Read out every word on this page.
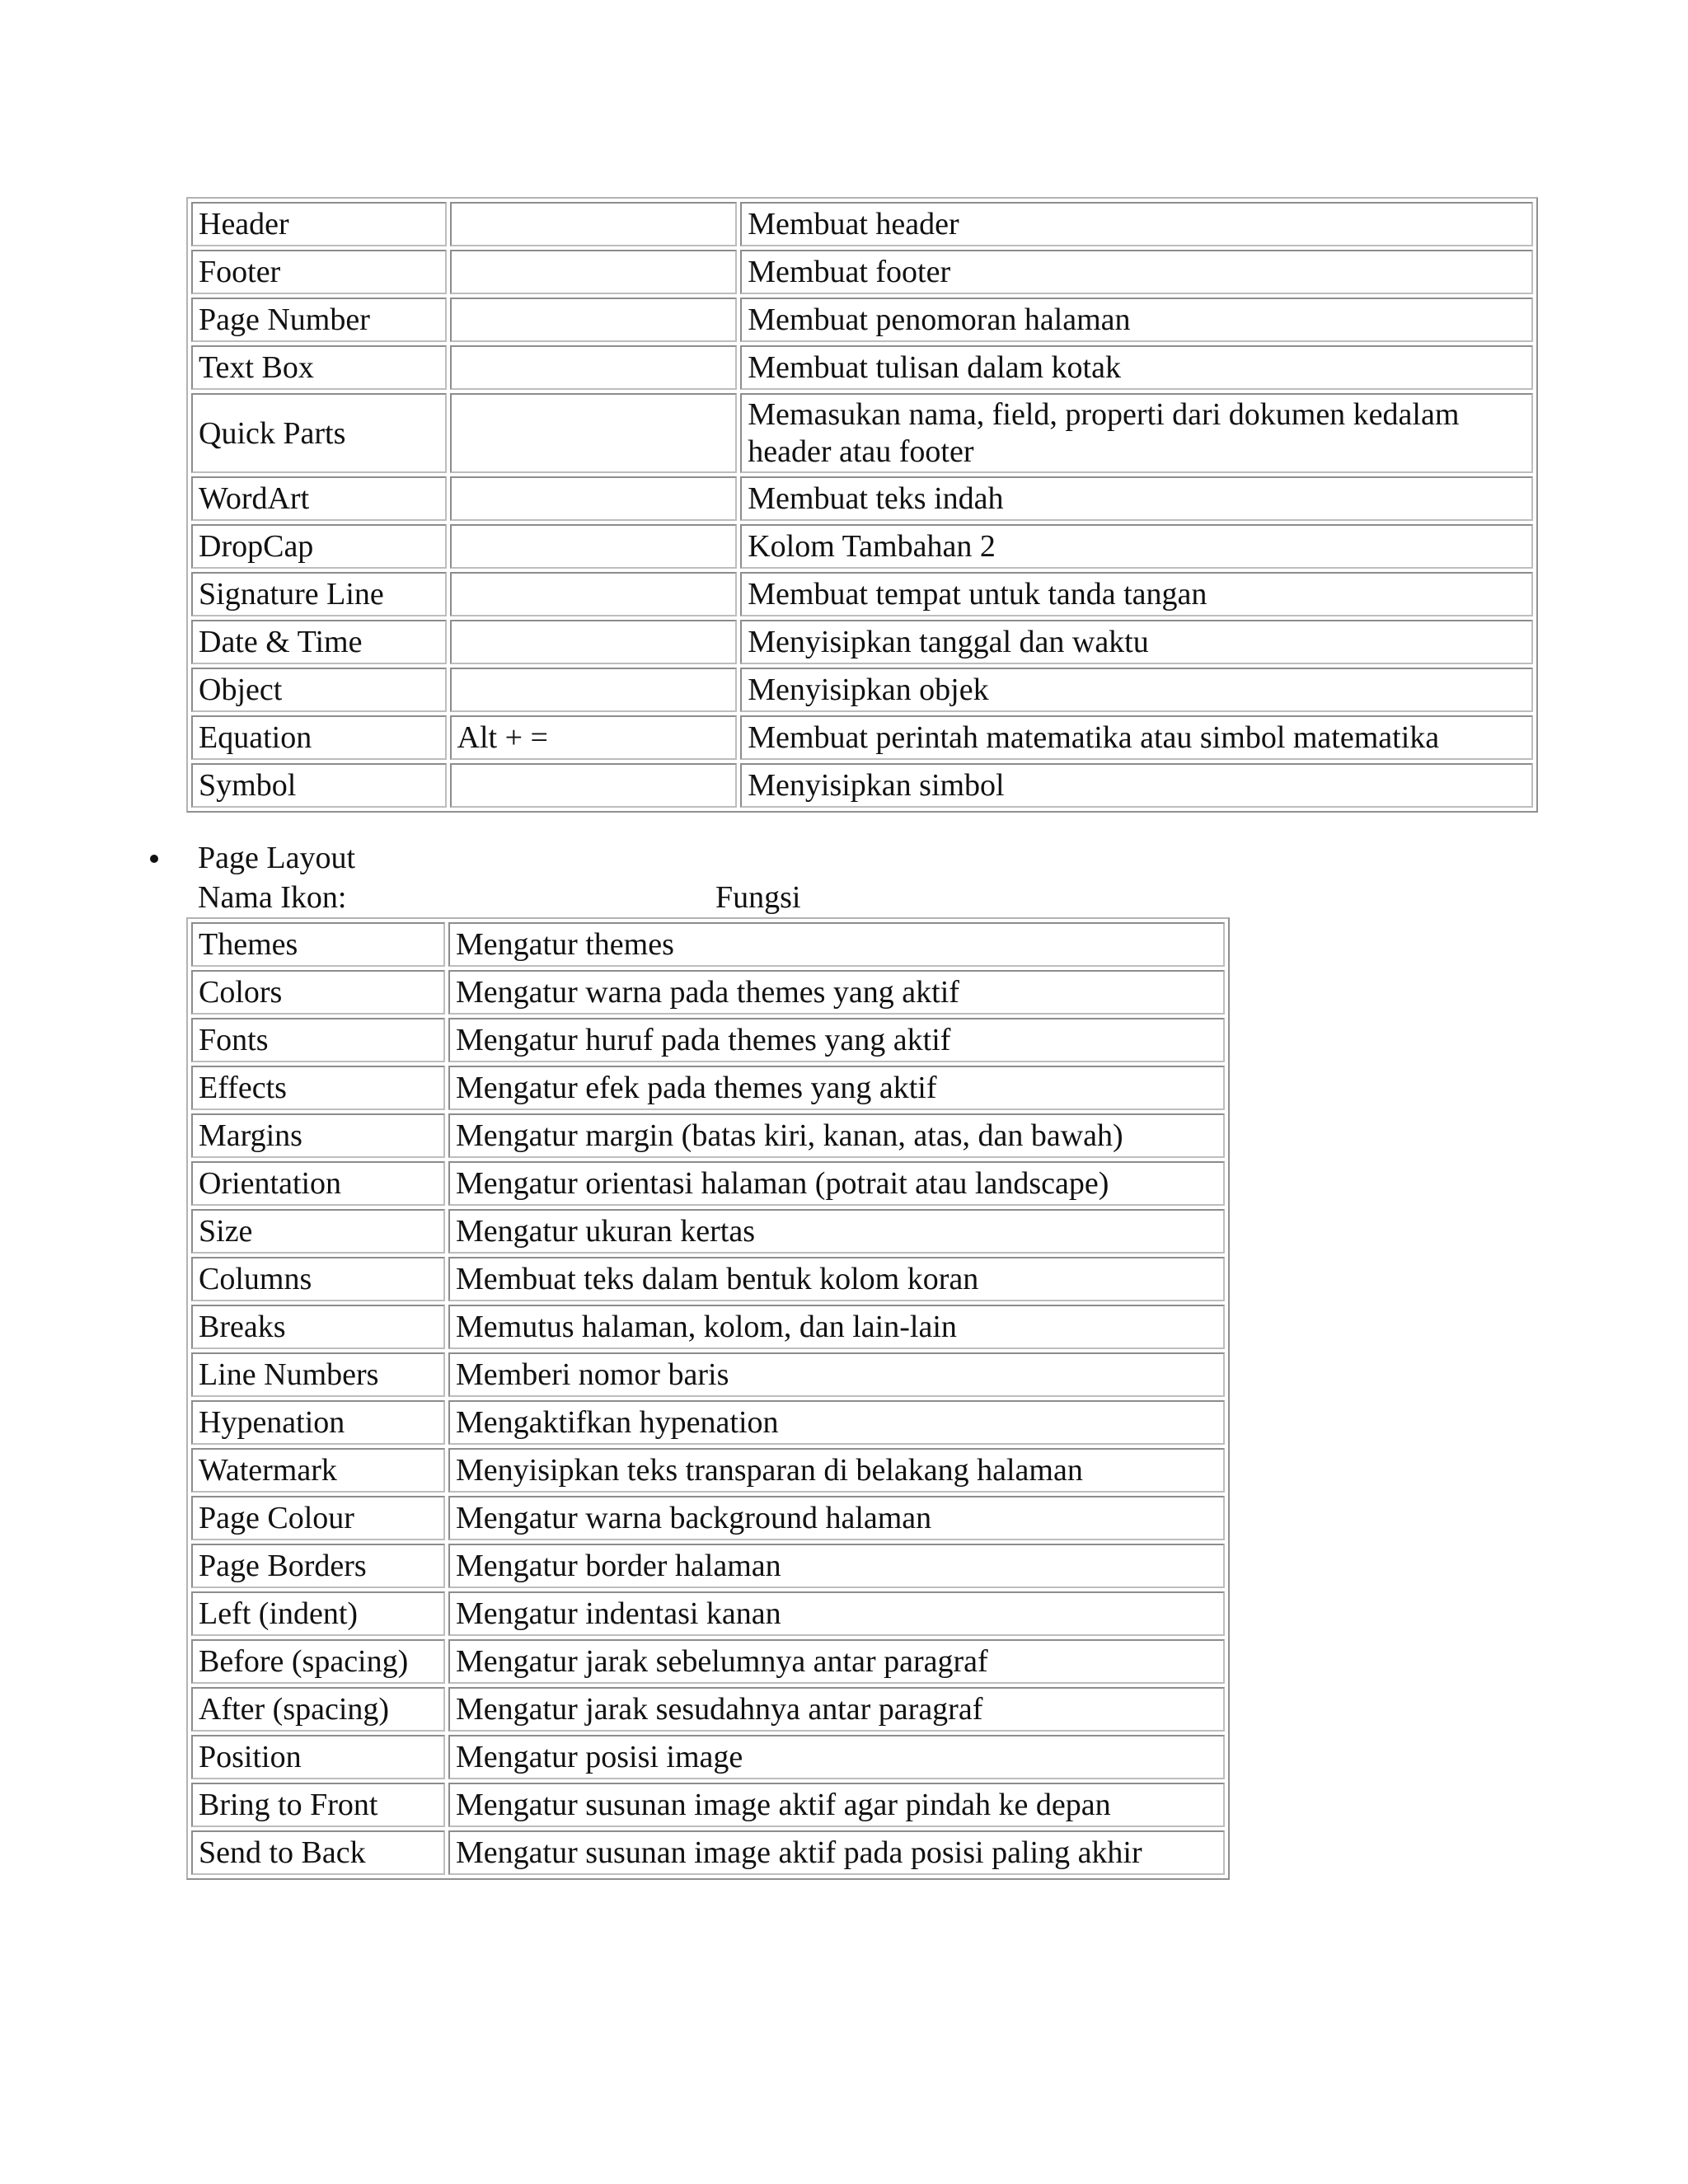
Header		Membuat header
Footer		Membuat footer
Page Number		Membuat penomoran halaman
Text Box		Membuat tulisan dalam kotak
Quick Parts		Memasukan nama, field, properti dari dokumen kedalam header atau footer
WordArt		Membuat teks indah
DropCap		Kolom Tambahan 2
Signature Line		Membuat tempat untuk tanda tangan
Date & Time		Menyisipkan tanggal dan waktu
Object		Menyisipkan objek
Equation	Alt + =	Membuat perintah matematika atau simbol matematika
Symbol		Menyisipkan simbol
Page Layout
Nama Ikon:	Fungsi
Themes	Mengatur themes
Colors	Mengatur warna pada themes yang aktif
Fonts	Mengatur huruf pada themes yang aktif
Effects	Mengatur efek pada themes yang aktif
Margins	Mengatur margin (batas kiri, kanan, atas, dan bawah)
Orientation	Mengatur orientasi halaman (potrait atau landscape)
Size	Mengatur ukuran kertas
Columns	Membuat teks dalam bentuk kolom koran
Breaks	Memutus halaman, kolom, dan lain-lain
Line Numbers	Memberi nomor baris
Hypenation	Mengaktifkan hypenation
Watermark	Menyisipkan teks transparan di belakang halaman
Page Colour	Mengatur warna background halaman
Page Borders	Mengatur border halaman
Left (indent)	Mengatur indentasi kanan
Before (spacing)	Mengatur jarak sebelumnya antar paragraf
After (spacing)	Mengatur jarak sesudahnya antar paragraf
Position	Mengatur posisi image
Bring to Front	Mengatur susunan image aktif agar pindah ke depan
Send to Back	Mengatur susunan image aktif pada posisi paling akhir
